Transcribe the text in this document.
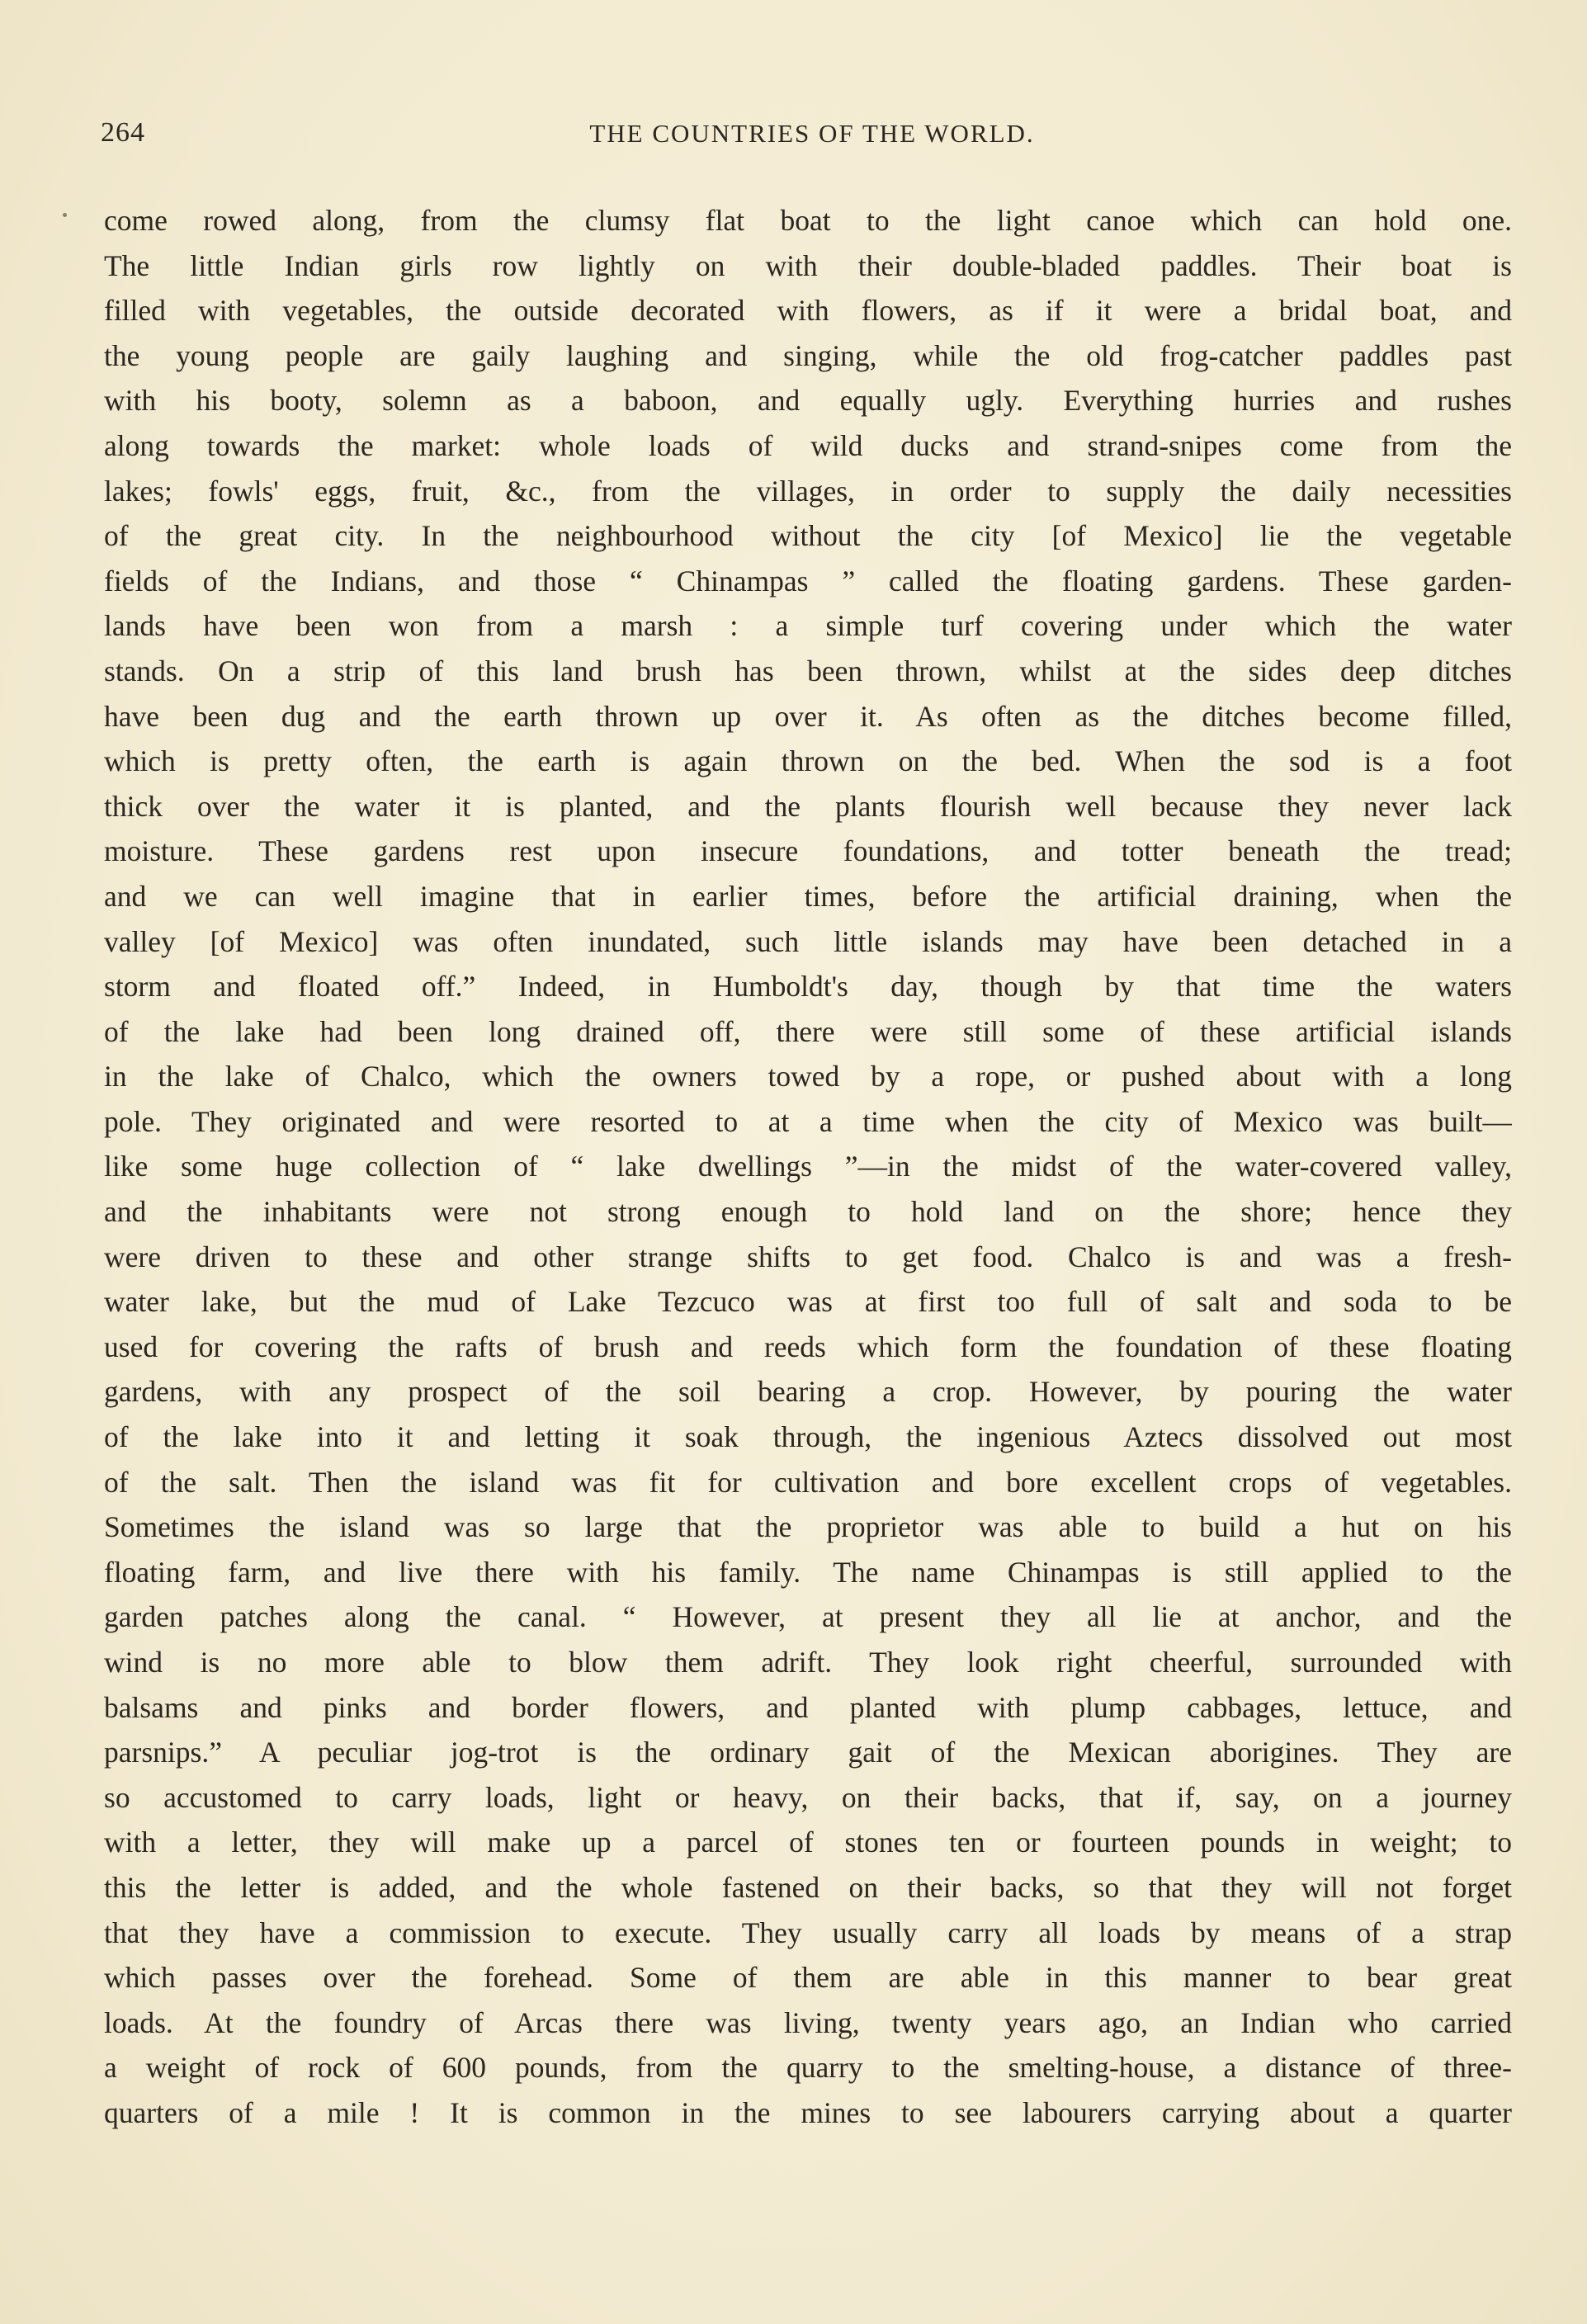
264	THE COUNTRIES OF THE WORLD.
come rowed along, from the clumsy flat boat to the light canoe which can hold one.
The little Indian girls row lightly on with their double-bladed paddles. Their boat is
filled with vegetables, the outside decorated with flowers, as if it were a bridal boat, and
the young people are gaily laughing and singing, while the old frog-catcher paddles past
with his booty, solemn as a baboon, and equally ugly. Everything hurries and rushes
along towards the market: whole loads of wild ducks and strand-snipes come from the
lakes; fowls' eggs, fruit, &c., from the villages, in order to supply the daily necessities
of the great city. In the neighbourhood without the city [of Mexico] lie the vegetable
fields of the Indians, and those “ Chinampas ” called the floating gardens. These garden-
lands have been won from a marsh : a simple turf covering under which the water
stands. On a strip of this land brush has been thrown, whilst at the sides deep ditches
have been dug and the earth thrown up over it. As often as the ditches become filled,
which is pretty often, the earth is again thrown on the bed. When the sod is a foot
thick over the water it is planted, and the plants flourish well because they never lack
moisture. These gardens rest upon insecure foundations, and totter beneath the tread;
and we can well imagine that in earlier times, before the artificial draining, when the
valley [of Mexico] was often inundated, such little islands may have been detached in a
storm and floated off.” Indeed, in Humboldt's day, though by that time the waters
of the lake had been long drained off, there were still some of these artificial islands
in the lake of Chalco, which the owners towed by a rope, or pushed about with a long
pole. They originated and were resorted to at a time when the city of Mexico was built—
like some huge collection of “ lake dwellings ”—in the midst of the water-covered valley,
and the inhabitants were not strong enough to hold land on the shore; hence they
were driven to these and other strange shifts to get food. Chalco is and was a fresh-
water lake, but the mud of Lake Tezcuco was at first too full of salt and soda to be
used for covering the rafts of brush and reeds which form the foundation of these floating
gardens, with any prospect of the soil bearing a crop. However, by pouring the water
of the lake into it and letting it soak through, the ingenious Aztecs dissolved out most
of the salt. Then the island was fit for cultivation and bore excellent crops of vegetables.
Sometimes the island was so large that the proprietor was able to build a hut on his
floating farm, and live there with his family. The name Chinampas is still applied to the
garden patches along the canal. “ However, at present they all lie at anchor, and the
wind is no more able to blow them adrift. They look right cheerful, surrounded with
balsams and pinks and border flowers, and planted with plump cabbages, lettuce, and
parsnips.” A peculiar jog-trot is the ordinary gait of the Mexican aborigines. They are
so accustomed to carry loads, light or heavy, on their backs, that if, say, on a journey
with a letter, they will make up a parcel of stones ten or fourteen pounds in weight; to
this the letter is added, and the whole fastened on their backs, so that they will not forget
that they have a commission to execute. They usually carry all loads by means of a strap
which passes over the forehead. Some of them are able in this manner to bear great
loads. At the foundry of Arcas there was living, twenty years ago, an Indian who carried
a weight of rock of 600 pounds, from the quarry to the smelting-house, a distance of three-
quarters of a mile ! It is common in the mines to see labourers carrying about a quarter
